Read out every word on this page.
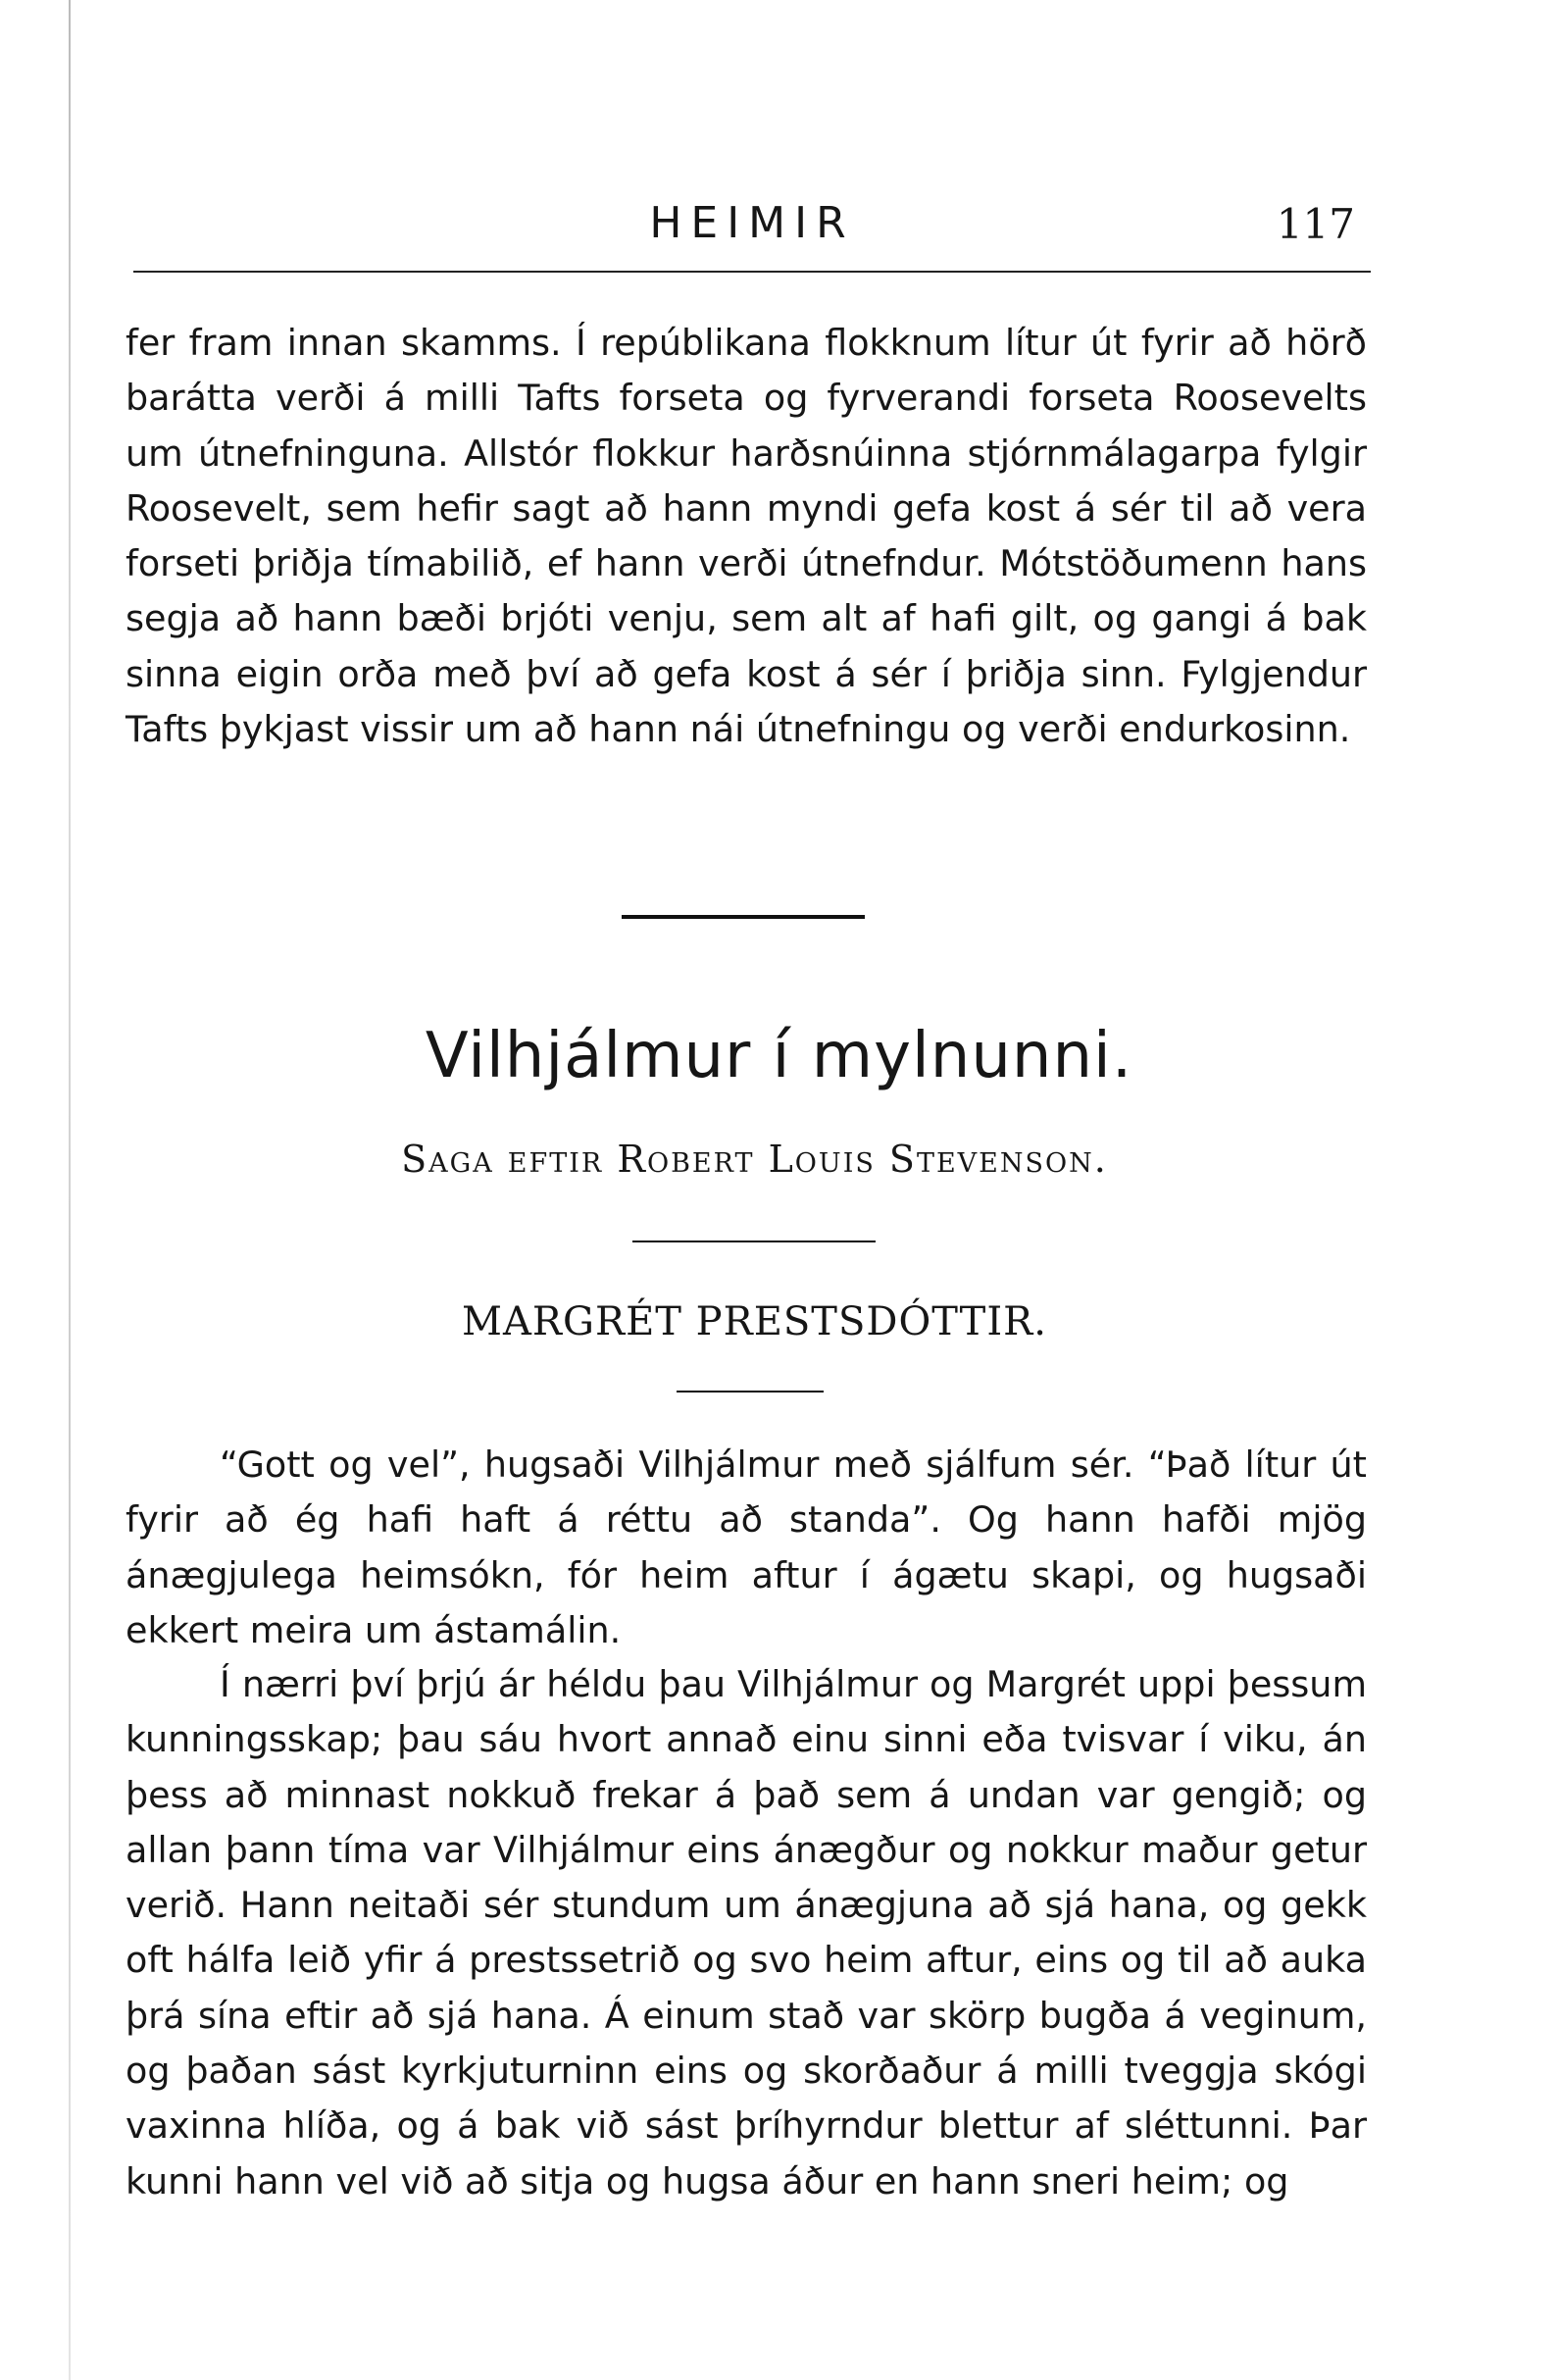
HEIMIR	117

fer fram innan skamms. Í repúblikana flokknum lítur út fyrir að hörð barátta verði á milli Tafts forseta og fyrverandi forseta Roosevelts um útnefninguna. Allstór flokkur harðsnúinna stjórnmálagarpa fylgir Roosevelt, sem hefir sagt að hann myndi gefa kost á sér til að vera forseti þriðja tímabilið, ef hann verði útnefndur. Mótstöðumenn hans segja að hann bæði brjóti venju, sem alt af hafi gilt, og gangi á bak sinna eigin orða með því að gefa kost á sér í þriðja sinn. Fylgjendur Tafts þykjast vissir um að hann nái útnefningu og verði endurkosinn.

Vilhjálmur í mylnunni.
Saga eftir Robert Louis Stevenson.
MARGRÉT PRESTSDÓTTIR.

“Gott og vel”, hugsaði Vilhjálmur með sjálfum sér. “Það lítur út fyrir að ég hafi haft á réttu að standa”. Og hann hafði mjög ánægjulega heimsókn, fór heim aftur í ágætu skapi, og hugsaði ekkert meira um ástamálin.

Í nærri því þrjú ár héldu þau Vilhjálmur og Margrét uppi þessum kunningsskap; þau sáu hvort annað einu sinni eða tvisvar í viku, án þess að minnast nokkuð frekar á það sem á undan var gengið; og allan þann tíma var Vilhjálmur eins ánægður og nokkur maður getur verið. Hann neitaði sér stundum um ánægjuna að sjá hana, og gekk oft hálfa leið yfir á prestssetrið og svo heim aftur, eins og til að auka þrá sína eftir að sjá hana. Á einum stað var skörp bugða á veginum, og þaðan sást kyrkjuturninn eins og skorðaður á milli tveggja skógi vaxinna hlíða, og á bak við sást þríhyrndur blettur af sléttunni. Þar kunni hann vel við að sitja og hugsa áður en hann sneri heim; og
